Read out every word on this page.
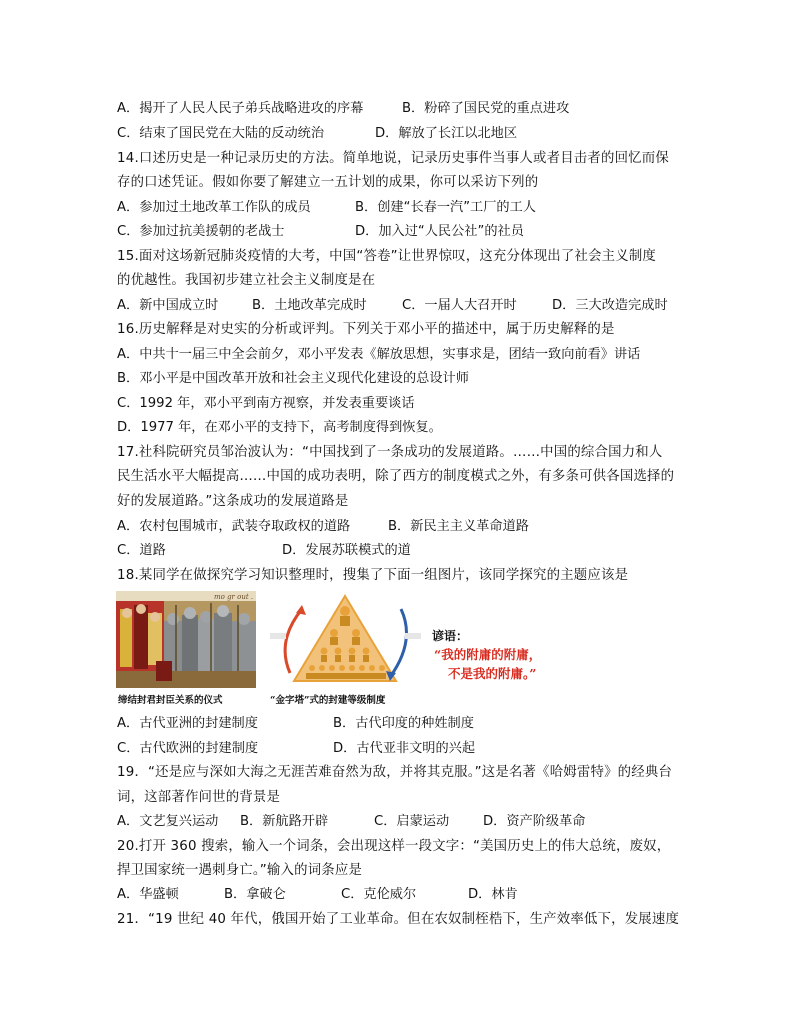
A．揭开了人民人民子弟兵战略进攻的序幕	B．粉碎了国民党的重点进攻
C．结束了国民党在大陆的反动统治	D．解放了长江以北地区
14.口述历史是一种记录历史的方法。简单地说，记录历史事件当事人或者目击者的回忆而保
存的口述凭证。假如你要了解建立一五计划的成果，你可以采访下列的
A．参加过土地改革工作队的成员	B．创建“长春一汽”工厂的工人
C．参加过抗美援朝的老战士	D．加入过“人民公社”的社员
15.面对这场新冠肺炎疫情的大考，中国“答卷”让世界惊叹，这充分体现出了社会主义制度
的优越性。我国初步建立社会主义制度是在
A．新中国成立时	B．土地改革完成时	C．一届人大召开时	D．三大改造完成时
16.历史解释是对史实的分析或评判。下列关于邓小平的描述中，属于历史解释的是
A．中共十一届三中全会前夕，邓小平发表《解放思想，实事求是，团结一致向前看》讲话
B．邓小平是中国改革开放和社会主义现代化建设的总设计师
C．1992 年，邓小平到南方视察，并发表重要谈话
D．1977 年，在邓小平的支持下，高考制度得到恢复。
17.社科院研究员邹治波认为：“中国找到了一条成功的发展道路。……中国的综合国力和人
民生活水平大幅提高……中国的成功表明，除了西方的制度模式之外，有多条可供各国选择的
好的发展道路。”这条成功的发展道路是
A．农村包围城市，武装夺取政权的道路	B．新民主主义革命道路
C．道路	D．发展苏联模式的道
18.某同学在做探究学习知识整理时，搜集了下面一组图片，该同学探究的主题应该是
mo gr out .
缔结封君封臣关系的仪式	“金字塔”式的封建等级制度
谚语：
“我的附庸的附庸，
不是我的附庸。”
A．古代亚洲的封建制度	B．古代印度的种姓制度
C．古代欧洲的封建制度	D．古代亚非文明的兴起
19．“还是应与深如大海之无涯苦难奋然为敌，并将其克服。”这是名著《哈姆雷特》的经典台
词，这部著作问世的背景是
A．文艺复兴运动 B．新航路开辟	C．启蒙运动	D．资产阶级革命
20.打开 360 搜索，输入一个词条，会出现这样一段文字：“美国历史上的伟大总统，废奴，
捍卫国家统一遇刺身亡。”输入的词条应是
A．华盛顿	B．拿破仑	C．克伦威尔	D．林肯
21．“19 世纪 40 年代，俄国开始了工业革命。但在农奴制桎梏下，生产效率低下，发展速度
